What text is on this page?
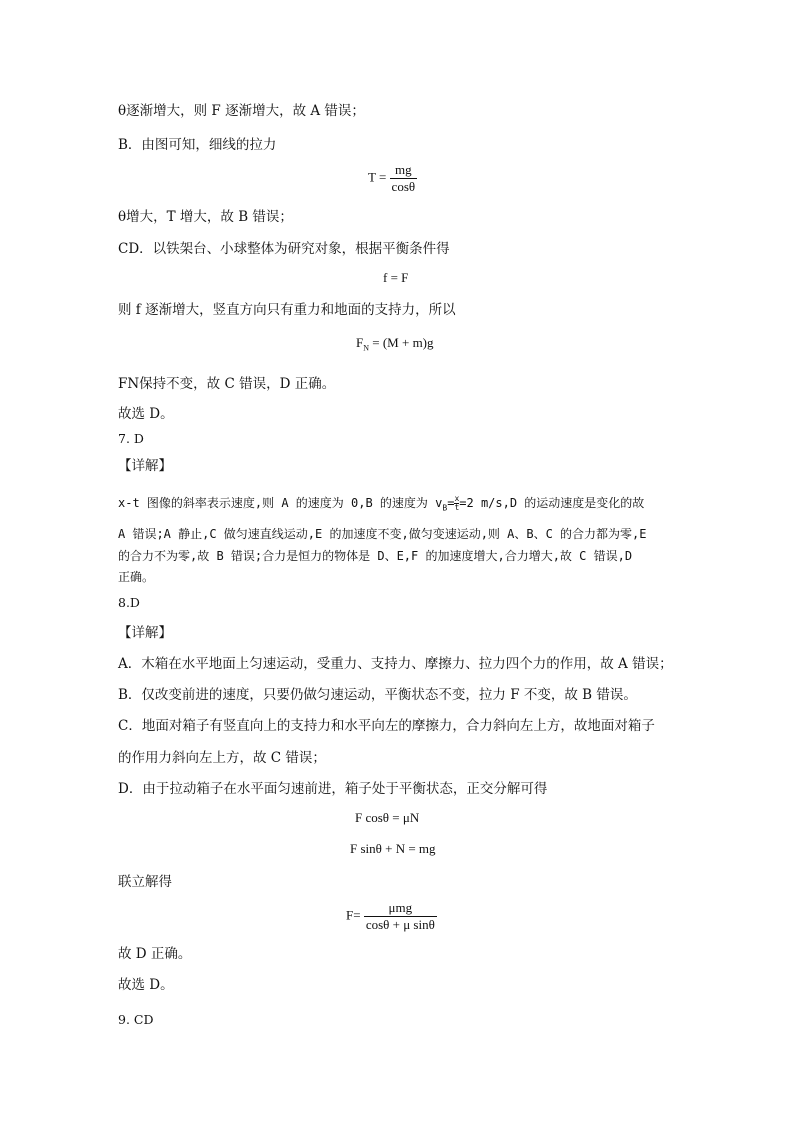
θ逐渐增大，则 F 逐渐增大，故 A 错误；
B．由图可知，细线的拉力
$T = \frac{mg}{\cos\theta}$
θ增大，T 增大，故 B 错误；
CD．以铁架台、小球整体为研究对象，根据平衡条件得
f = F
则 f 逐渐增大，竖直方向只有重力和地面的支持力，所以
$F_N = (M + m)g$
FN保持不变，故 C 错误，D 正确。
故选 D。
7. D
【详解】
x-t 图像的斜率表示速度,则 A 的速度为 0,B 的速度为 $v_B= \frac{x}{t} =2$ m/s,D 的运动速度是变化的故
A 错误;A 静止,C 做匀速直线运动,E 的加速度不变,做匀变速运动,则 A、B、C 的合力都为零,E
的合力不为零,故 B 错误;合力是恒力的物体是 D、E,F 的加速度增大,合力增大,故 C 错误,D
正确。
8.D
【详解】
A．木箱在水平地面上匀速运动，受重力、支持力、摩擦力、拉力四个力的作用，故 A 错误；
B．仅改变前进的速度，只要仍做匀速运动，平衡状态不变，拉力 F 不变，故 B 错误。
C．地面对箱子有竖直向上的支持力和水平向左的摩擦力，合力斜向左上方，故地面对箱子
的作用力斜向左上方，故 C 错误；
D．由于拉动箱子在水平面匀速前进，箱子处于平衡状态，正交分解可得
F cosθ = μN
F sinθ + N = mg
联立解得
$F= \frac{\text{μmg}}{\text{cosθ + μ sinθ}}$
故 D 正确。
故选 D。
9. CD
